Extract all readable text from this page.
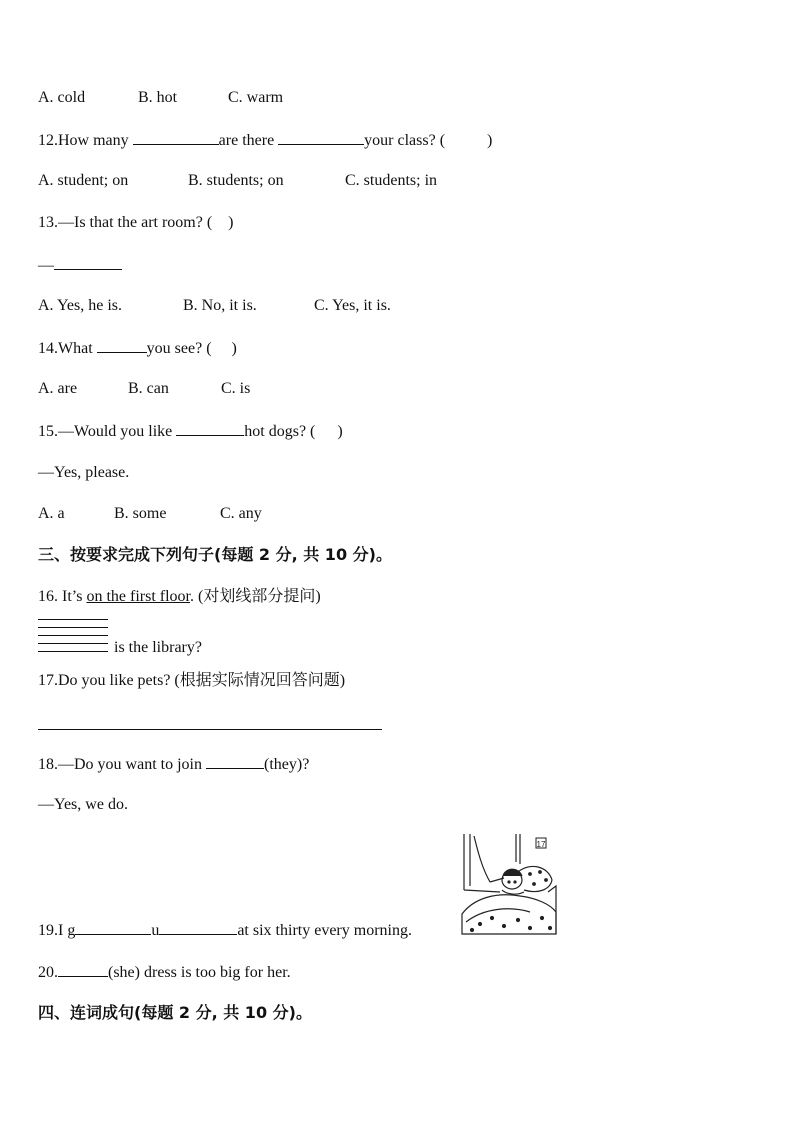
A. cold	B. hot	C. warm
12.How many	are there	your class? (	)
A. student; on	B. students; on	C. students; in
13.—Is that the art room? ( )
—
A. Yes, he is.	B. No, it is.	C. Yes, it is.
14.What	you see? ( )
A. are	B. can	C. is
15.—Would you like	hot dogs? ( )
—Yes, please.
A. a	B. some	C. any
三、按要求完成下列句子(每题 2 分, 共 10 分)。
16. It’s on the first floor. (对划线部分提问)
is the library?
17.Do you like pets? (根据实际情况回答问题)
18.—Do you want to join	(they)?
—Yes, we do.
17
19.I g	u	at six thirty every morning.
20.	(she) dress is too big for her.
四、连词成句(每题 2 分, 共 10 分)。
